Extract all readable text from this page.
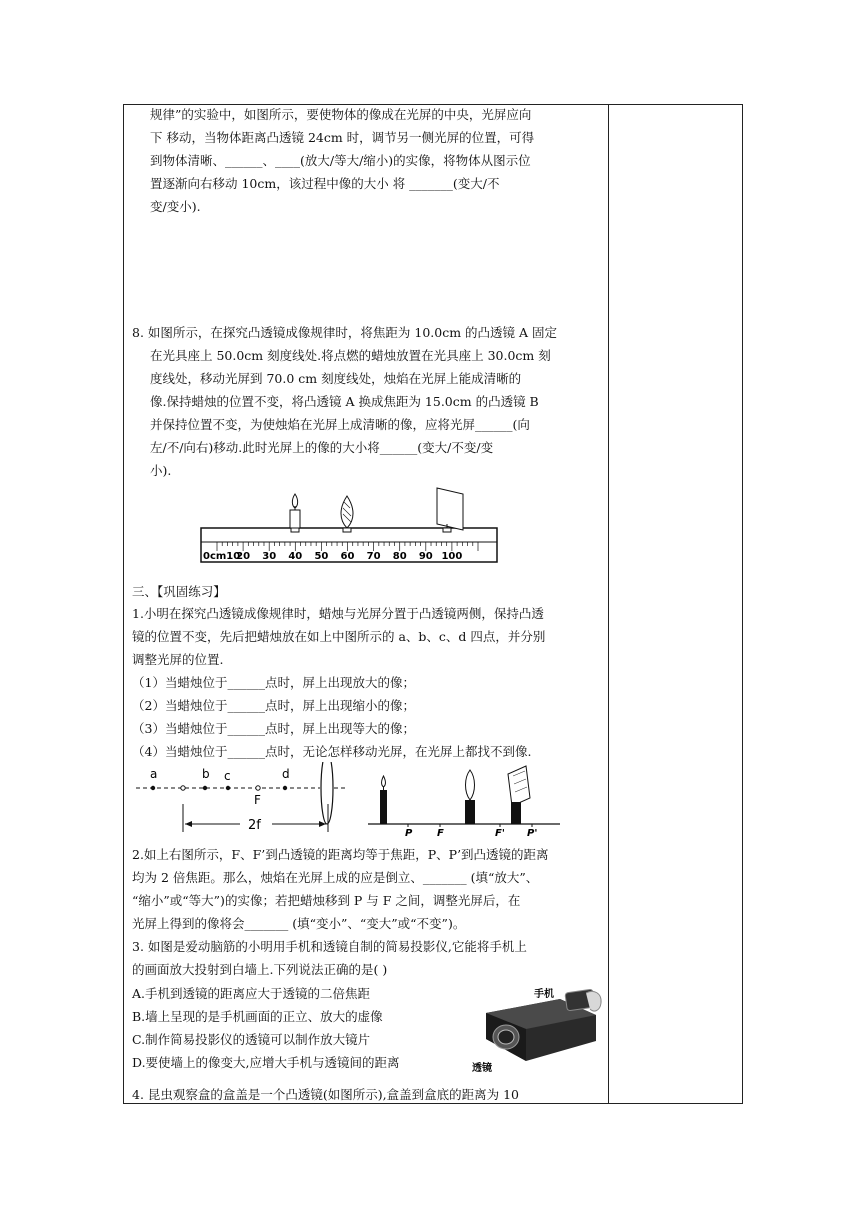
规律”的实验中，如图所示，要使物体的像成在光屏的中央，光屏应向
下 移动，当物体距离凸透镜 24cm 时，调节另一侧光屏的位置，可得
到物体清晰、______、____(放大/等大/缩小)的实像，将物体从图示位
置逐渐向右移动 10cm，该过程中像的大小 将 _______(变大/不
变/变小).
8. 如图所示，在探究凸透镜成像规律时，将焦距为 10.0cm 的凸透镜 A 固定
在光具座上 50.0cm 刻度线处.将点燃的蜡烛放置在光具座上 30.0cm 刻
度线处，移动光屏到 70.0 cm 刻度线处，烛焰在光屏上能成清晰的
像.保持蜡烛的位置不变，将凸透镜 A 换成焦距为 15.0cm 的凸透镜 B
并保持位置不变，为使烛焰在光屏上成清晰的像，应将光屏______(向
左/不/向右)移动.此时光屏上的像的大小将______(变大/不变/变
小).
0cm10
20 30 40 50 60 70 80 90 100
三、【巩固练习】
1.小明在探究凸透镜成像规律时，蜡烛与光屏分置于凸透镜两侧，保持凸透
镜的位置不变，先后把蜡烛放在如上中图所示的 a、b、c、d 四点，并分别
调整光屏的位置.
（1）当蜡烛位于______点时，屏上出现放大的像；
（2）当蜡烛位于______点时，屏上出现缩小的像；
（3）当蜡烛位于______点时，屏上出现等大的像；
（4）当蜡烛位于______点时，无论怎样移动光屏，在光屏上都找不到像.
a	b c	d
F
2f
P F	F' P'
2.如上右图所示，F、F’到凸透镜的距离均等于焦距，P、P’到凸透镜的距离
均为 2 倍焦距。那么，烛焰在光屏上成的应是倒立、_______ (填“放大”、
“缩小”或“等大”)的实像；若把蜡烛移到 P 与 F 之间，调整光屏后，在
光屏上得到的像将会_______ (填“变小”、“变大”或“不变”)。
3. 如图是爱动脑筋的小明用手机和透镜自制的简易投影仪,它能将手机上
的画面放大投射到白墙上.下列说法正确的是( )
A.手机到透镜的距离应大于透镜的二倍焦距
B.墙上呈现的是手机画面的正立、放大的虚像
C.制作简易投影仪的透镜可以制作放大镜片
D.要使墙上的像变大,应增大手机与透镜间的距离
手机
透镜
4. 昆虫观察盒的盒盖是一个凸透镜(如图所示),盒盖到盒底的距离为 10
